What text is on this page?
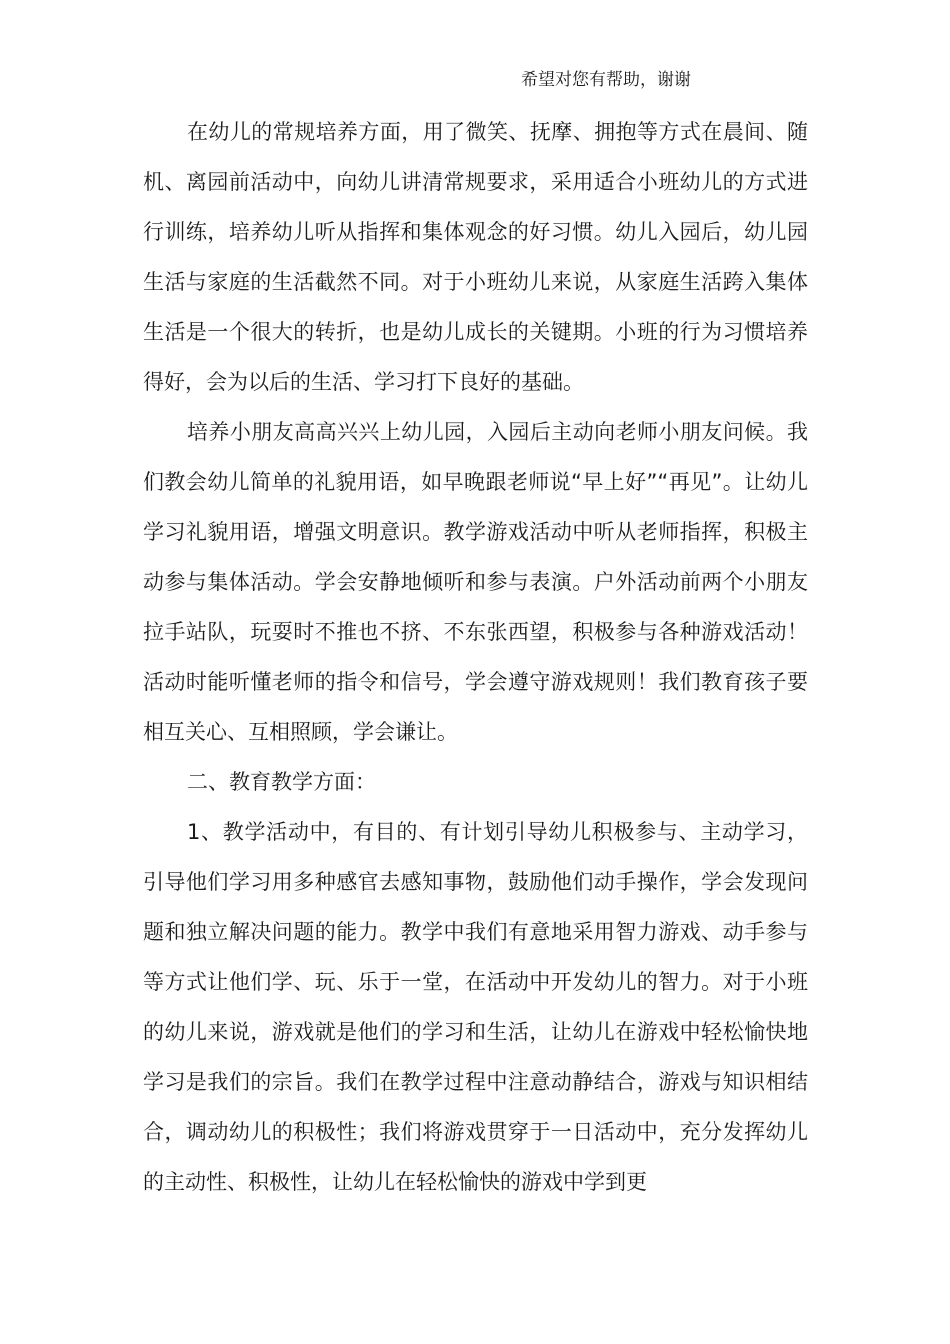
希望对您有帮助，谢谢

在幼儿的常规培养方面，用了微笑、抚摩、拥抱等方式在晨间、随机、离园前活动中，向幼儿讲清常规要求，采用适合小班幼儿的方式进行训练，培养幼儿听从指挥和集体观念的好习惯。幼儿入园后，幼儿园生活与家庭的生活截然不同。对于小班幼儿来说，从家庭生活跨入集体生活是一个很大的转折，也是幼儿成长的关键期。小班的行为习惯培养得好，会为以后的生活、学习打下良好的基础。

培养小朋友高高兴兴上幼儿园，入园后主动向老师小朋友问候。我们教会幼儿简单的礼貌用语，如早晚跟老师说“早上好”“再见”。让幼儿学习礼貌用语，增强文明意识。教学游戏活动中听从老师指挥，积极主动参与集体活动。学会安静地倾听和参与表演。户外活动前两个小朋友拉手站队，玩耍时不推也不挤、不东张西望，积极参与各种游戏活动！活动时能听懂老师的指令和信号，学会遵守游戏规则！我们教育孩子要相互关心、互相照顾，学会谦让。

二、教育教学方面：

1、教学活动中，有目的、有计划引导幼儿积极参与、主动学习，引导他们学习用多种感官去感知事物，鼓励他们动手操作，学会发现问题和独立解决问题的能力。教学中我们有意地采用智力游戏、动手参与等方式让他们学、玩、乐于一堂，在活动中开发幼儿的智力。对于小班的幼儿来说，游戏就是他们的学习和生活，让幼儿在游戏中轻松愉快地学习是我们的宗旨。我们在教学过程中注意动静结合，游戏与知识相结合，调动幼儿的积极性；我们将游戏贯穿于一日活动中，充分发挥幼儿的主动性、积极性，让幼儿在轻松愉快的游戏中学到更
